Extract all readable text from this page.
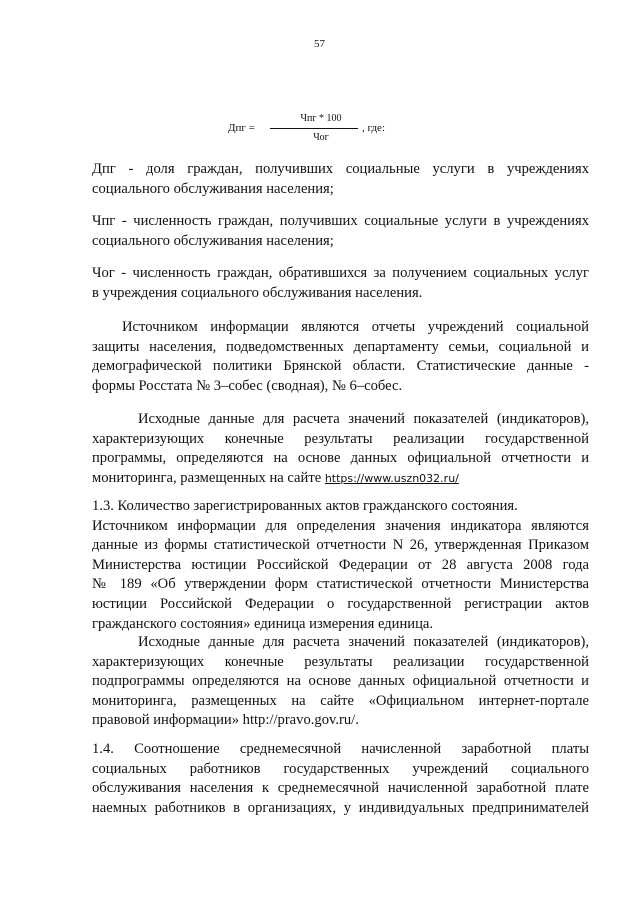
57
Дпг =
Чпг * 100
Чог
, где:
Дпг - доля граждан, получивших социальные услуги в учреждениях
социального обслуживания населения;
Чпг - численность граждан, получивших социальные услуги в учреждениях
социального обслуживания населения;
Чог - численность граждан, обратившихся за получением социальных услуг
в учреждения социального обслуживания населения.
Источником информации являются отчеты учреждений социальной
защиты населения, подведомственных департаменту семьи, социальной и
демографической политики Брянской области. Статистические данные -
формы Росстата № 3–собес (сводная), № 6–собес.
Исходные данные для расчета значений показателей (индикаторов),
характеризующих конечные результаты реализации государственной
программы, определяются на основе данных официальной отчетности и
мониторинга, размещенных на сайте https://www.uszn032.ru/
1.3. Количество зарегистрированных актов гражданского состояния.
Источником информации для определения значения индикатора являются
данные из формы статистической отчетности N 26, утвержденная Приказом
Министерства юстиции Российской Федерации от 28 августа 2008 года
№ 189 «Об утверждении форм статистической отчетности Министерства
юстиции Российской Федерации о государственной регистрации актов
гражданского состояния» единица измерения единица.
Исходные данные для расчета значений показателей (индикаторов),
характеризующих конечные результаты реализации государственной
подпрограммы определяются на основе данных официальной отчетности и
мониторинга, размещенных на сайте «Официальном интернет-портале
правовой информации» http://pravo.gov.ru/.
1.4. Соотношение среднемесячной начисленной заработной платы
социальных работников государственных учреждений социального
обслуживания населения к среднемесячной начисленной заработной плате
наемных работников в организациях, у индивидуальных предпринимателей
